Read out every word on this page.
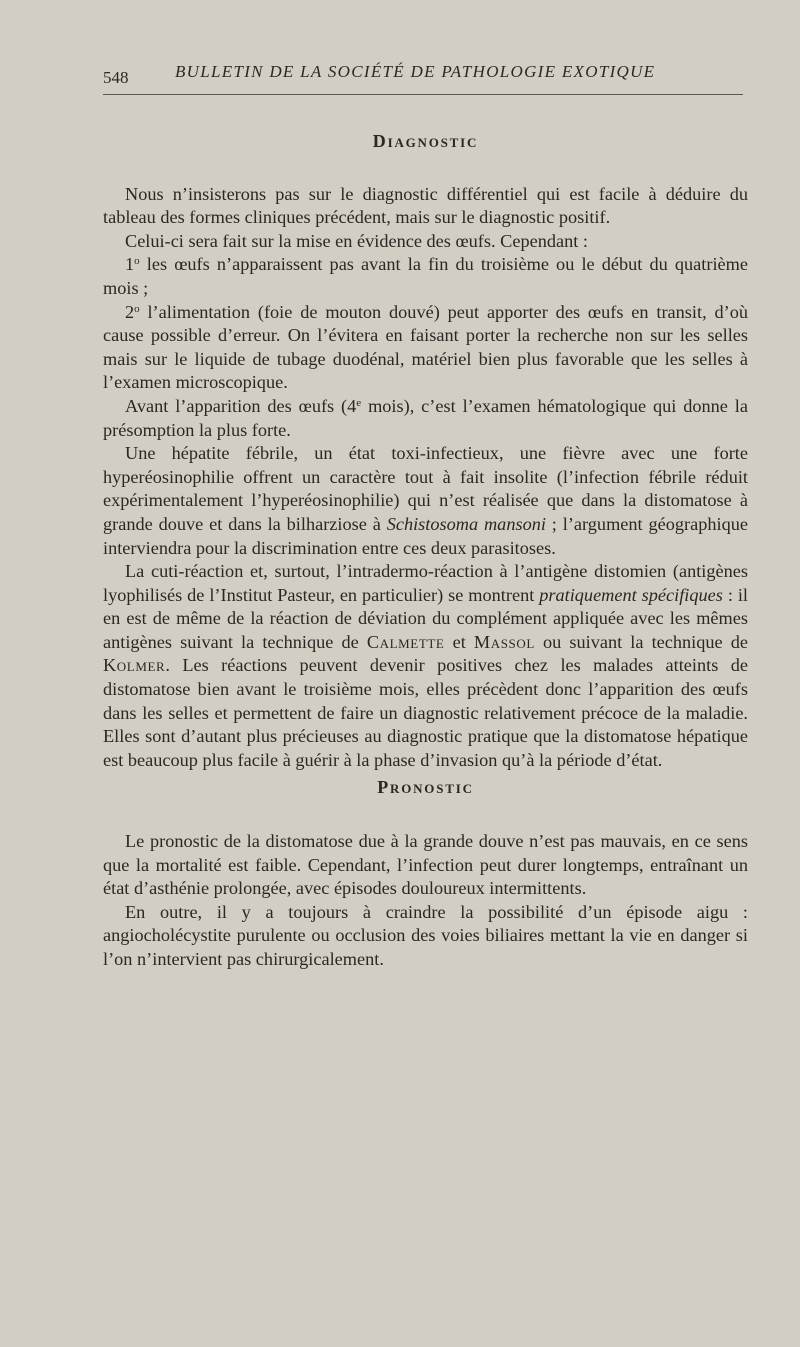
548	BULLETIN DE LA SOCIÉTÉ DE PATHOLOGIE EXOTIQUE
Diagnostic

Nous n’insisterons pas sur le diagnostic différentiel qui est facile à déduire du tableau des formes cliniques précédent, mais sur le diagnostic positif.

Celui-ci sera fait sur la mise en évidence des œufs. Cependant :

1$^o$ les œufs n’apparaissent pas avant la fin du troisième ou le début du quatrième mois ;

2$^o$ l’alimentation (foie de mouton douvé) peut apporter des œufs en transit, d’où cause possible d’erreur. On l’évitera en faisant porter la recherche non sur les selles mais sur le liquide de tubage duodénal, matériel bien plus favorable que les selles à l’examen microscopique.

Avant l’apparition des œufs (4e mois), c’est l’examen hématologique qui donne la présomption la plus forte.

Une hépatite fébrile, un état toxi-infectieux, une fièvre avec une forte hyperéosinophilie offrent un caractère tout à fait insolite (l’infection fébrile réduit expérimentalement l’hyperéosinophilie) qui n’est réalisée que dans la distomatose à grande douve et dans la bilharziose à Schistosoma mansoni ; l’argument géographique interviendra pour la discrimination entre ces deux parasitoses.

La cuti-réaction et, surtout, l’intradermo-réaction à l’antigène distomien (antigènes lyophilisés de l’Institut Pasteur, en particulier) se montrent pratiquement spécifiques : il en est de même de la réaction de déviation du complément appliquée avec les mêmes antigènes suivant la technique de Calmette et Massol ou suivant la technique de Kolmer. Les réactions peuvent devenir positives chez les malades atteints de distomatose bien avant le troisième mois, elles précèdent donc l’apparition des œufs dans les selles et permettent de faire un diagnostic relativement précoce de la maladie. Elles sont d’autant plus précieuses au diagnostic pratique que la distomatose hépatique est beaucoup plus facile à guérir à la phase d’invasion qu’à la période d’état.

Pronostic

Le pronostic de la distomatose due à la grande douve n’est pas mauvais, en ce sens que la mortalité est faible. Cependant, l’infection peut durer longtemps, entraînant un état d’asthénie prolongée, avec épisodes douloureux intermittents.

En outre, il y a toujours à craindre la possibilité d’un épisode aigu : angiocholécystite purulente ou occlusion des voies biliaires mettant la vie en danger si l’on n’intervient pas chirurgicalement.
